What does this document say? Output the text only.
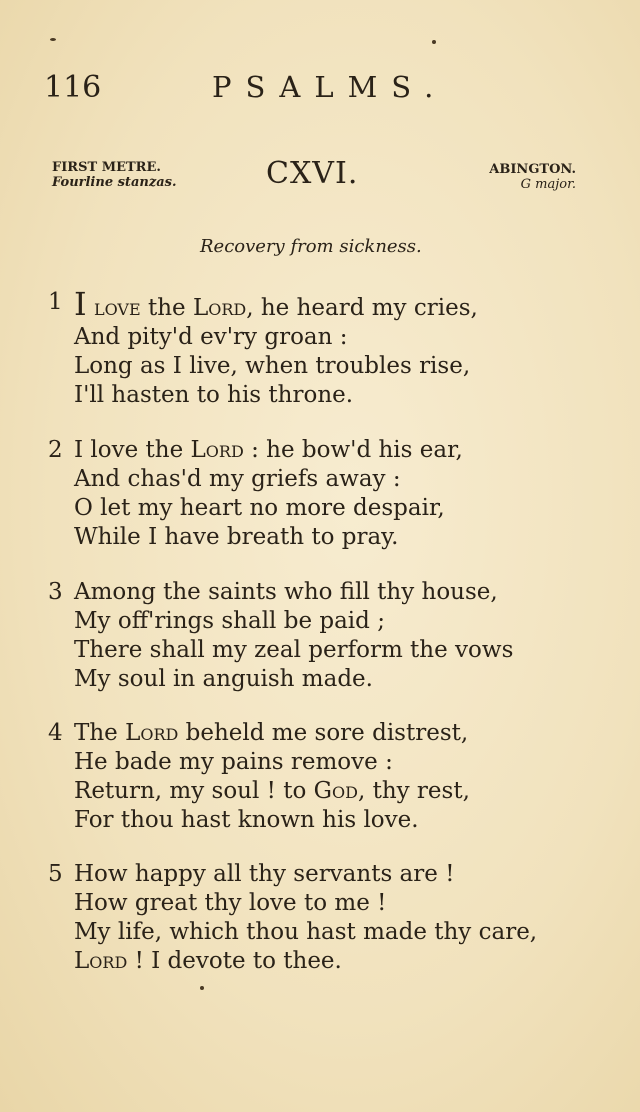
116	PSALMS.
FIRST METRE.
Fourline stanzas.	CXVI.	ABINGTON.
G major.
Recovery from sickness.
1 I love the Lord, he heard my cries,
And pity'd ev'ry groan :
Long as I live, when troubles rise,
I'll hasten to his throne.
2 I love the Lord : he bow'd his ear,
And chas'd my griefs away :
O let my heart no more despair,
While I have breath to pray.
3 Among the saints who fill thy house,
My off'rings shall be paid ;
There shall my zeal perform the vows
My soul in anguish made.
4 The Lord beheld me sore distrest,
He bade my pains remove :
Return, my soul ! to God, thy rest,
For thou hast known his love.
5 How happy all thy servants are !
How great thy love to me !
My life, which thou hast made thy care,
Lord ! I devote to thee.
